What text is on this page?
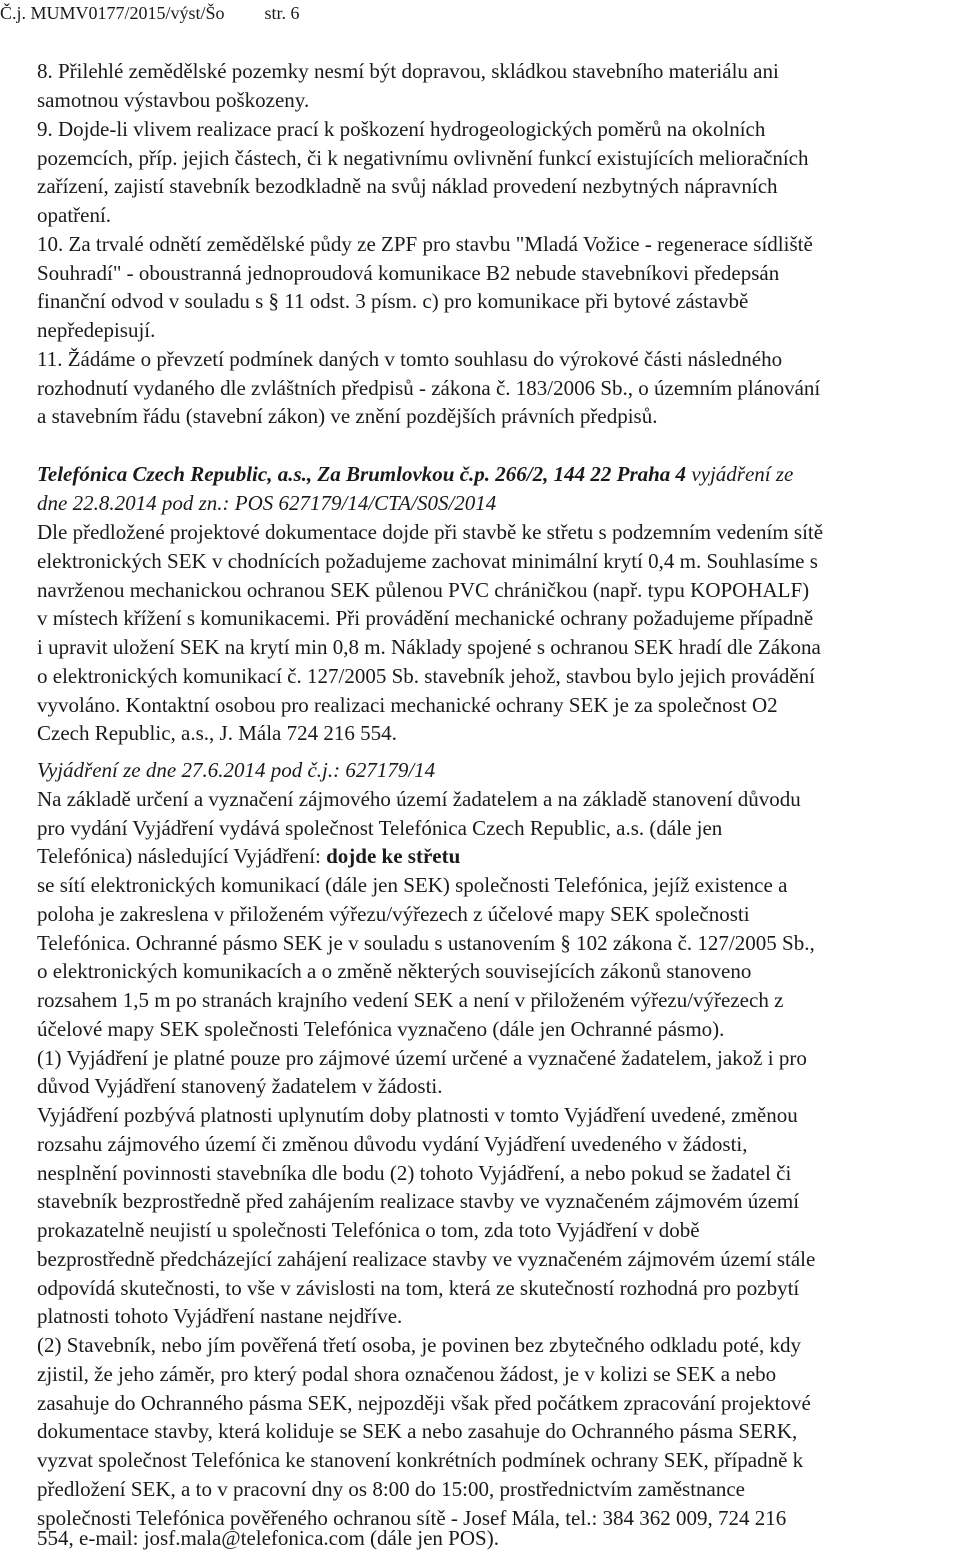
Č.j. MUMV0177/2015/výst/Šo str. 6
8. Přilehlé zemědělské pozemky nesmí být dopravou, skládkou stavebního materiálu ani
samotnou výstavbou poškozeny.
9. Dojde-li vlivem realizace prací k poškození hydrogeologických poměrů na okolních
pozemcích, příp. jejich částech, či k negativnímu ovlivnění funkcí existujících melioračních
zařízení, zajistí stavebník bezodkladně na svůj náklad provedení nezbytných nápravních
opatření.
10. Za trvalé odnětí zemědělské půdy ze ZPF pro stavbu "Mladá Vožice - regenerace sídliště
Souhradí" - oboustranná jednoproudová komunikace B2 nebude stavebníkovi předepsán
finanční odvod v souladu s § 11 odst. 3 písm. c) pro komunikace při bytové zástavbě
nepředepisují.
11. Žádáme o převzetí podmínek daných v tomto souhlasu do výrokové části následného
rozhodnutí vydaného dle zvláštních předpisů - zákona č. 183/2006 Sb., o územním plánování
a stavebním řádu (stavební zákon) ve znění pozdějších právních předpisů.
Telefónica Czech Republic, a.s., Za Brumlovkou č.p. 266/2, 144 22 Praha 4 vyjádření ze
dne 22.8.2014 pod zn.: POS 627179/14/CTA/S0S/2014
Dle předložené projektové dokumentace dojde při stavbě ke střetu s podzemním vedením sítě
elektronických SEK v chodnících požadujeme zachovat minimální krytí 0,4 m. Souhlasíme s
navrženou mechanickou ochranou SEK půlenou PVC chráničkou (např. typu KOPOHALF)
v místech křížení s komunikacemi. Při provádění mechanické ochrany požadujeme případně
i upravit uložení SEK na krytí min 0,8 m. Náklady spojené s ochranou SEK hradí dle Zákona
o elektronických komunikací č. 127/2005 Sb. stavebník jehož, stavbou bylo jejich provádění
vyvoláno. Kontaktní osobou pro realizaci mechanické ochrany SEK je za společnost O2
Czech Republic, a.s., J. Mála 724 216 554.
Vyjádření ze dne 27.6.2014 pod č.j.: 627179/14
Na základě určení a vyznačení zájmového území žadatelem a na základě stanovení důvodu
pro vydání Vyjádření vydává společnost Telefónica Czech Republic, a.s. (dále jen
Telefónica) následující Vyjádření: dojde ke střetu
se sítí elektronických komunikací (dále jen SEK) společnosti Telefónica, jejíž existence a
poloha je zakreslena v přiloženém výřezu/výřezech z účelové mapy SEK společnosti
Telefónica. Ochranné pásmo SEK je v souladu s ustanovením § 102 zákona č. 127/2005 Sb.,
o elektronických komunikacích a o změně některých souvisejících zákonů stanoveno
rozsahem 1,5 m po stranách krajního vedení SEK a není v přiloženém výřezu/výřezech z
účelové mapy SEK společnosti Telefónica vyznačeno (dále jen Ochranné pásmo).
(1) Vyjádření je platné pouze pro zájmové území určené a vyznačené žadatelem, jakož i pro
důvod Vyjádření stanovený žadatelem v žádosti.
Vyjádření pozbývá platnosti uplynutím doby platnosti v tomto Vyjádření uvedené, změnou
rozsahu zájmového území či změnou důvodu vydání Vyjádření uvedeného v žádosti,
nesplnění povinnosti stavebníka dle bodu (2) tohoto Vyjádření, a nebo pokud se žadatel či
stavebník bezprostředně před zahájením realizace stavby ve vyznačeném zájmovém území
prokazatelně neujistí u společnosti Telefónica o tom, zda toto Vyjádření v době
bezprostředně předcházející zahájení realizace stavby ve vyznačeném zájmovém území stále
odpovídá skutečnosti, to vše v závislosti na tom, která ze skutečností rozhodná pro pozbytí
platnosti tohoto Vyjádření nastane nejdříve.
(2) Stavebník, nebo jím pověřená třetí osoba, je povinen bez zbytečného odkladu poté, kdy
zjistil, že jeho záměr, pro který podal shora označenou žádost, je v kolizi se SEK a nebo
zasahuje do Ochranného pásma SEK, nejpozději však před počátkem zpracování projektové
dokumentace stavby, která koliduje se SEK a nebo zasahuje do Ochranného pásma SERK,
vyzvat společnost Telefónica ke stanovení konkrétních podmínek ochrany SEK, případně k
předložení SEK, a to v pracovní dny os 8:00 do 15:00, prostřednictvím zaměstnance
společnosti Telefónica pověřeného ochranou sítě - Josef Mála, tel.: 384 362 009, 724 216
554, e-mail: josf.mala@telefonica.com (dále jen POS).
